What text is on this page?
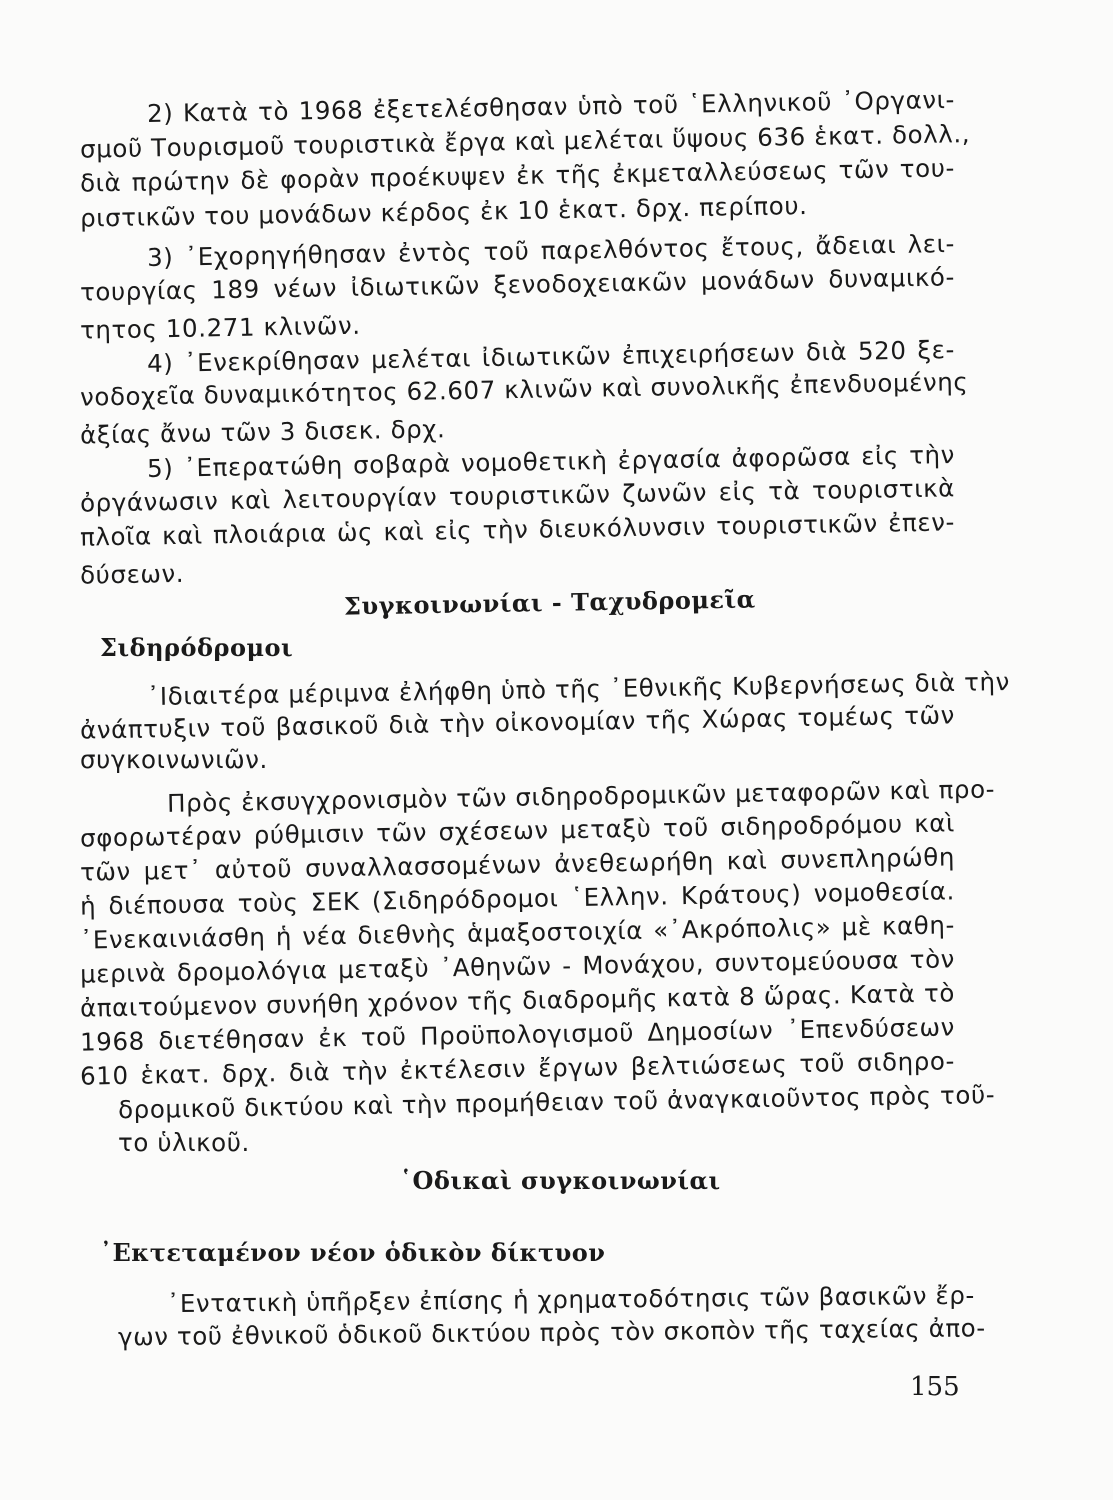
2) Κατὰ τὸ 1968 ἐξετελέσθησαν ὑπὸ τοῦ ῾Ελληνικοῦ ᾿Οργανι-
σμοῦ Τουρισμοῦ τουριστικὰ ἔργα καὶ μελέται ὕψους 636 ἑκατ. δολλ.,
διὰ πρώτην δὲ φορὰν προέκυψεν ἐκ τῆς ἐκμεταλλεύσεως τῶν του-
ριστικῶν του μονάδων κέρδος ἐκ 10 ἑκατ. δρχ. περίπου.
3) ᾿Εχορηγήθησαν ἐντὸς τοῦ παρελθόντος ἔτους, ἄδειαι λει-
τουργίας 189 νέων ἰδιωτικῶν ξενοδοχειακῶν μονάδων δυναμικό-
τητος 10.271 κλινῶν.
4) ᾿Ενεκρίθησαν μελέται ἰδιωτικῶν ἐπιχειρήσεων διὰ 520 ξε-
νοδοχεῖα δυναμικότητος 62.607 κλινῶν καὶ συνολικῆς ἐπενδυομένης
ἀξίας ἄνω τῶν 3 δισεκ. δρχ.
5) ᾿Επερατώθη σοβαρὰ νομοθετικὴ ἐργασία ἀφορῶσα εἰς τὴν
ὀργάνωσιν καὶ λειτουργίαν τουριστικῶν ζωνῶν εἰς τὰ τουριστικὰ
πλοῖα καὶ πλοιάρια ὡς καὶ εἰς τὴν διευκόλυνσιν τουριστικῶν ἐπεν-
δύσεων.
Συγκοινωνίαι - Ταχυδρομεῖα
Σιδηρόδρομοι
᾿Ιδιαιτέρα μέριμνα ἐλήφθη ὑπὸ τῆς ᾿Εθνικῆς Κυβερνήσεως διὰ τὴν
ἀνάπτυξιν τοῦ βασικοῦ διὰ τὴν οἰκονομίαν τῆς Χώρας τομέως τῶν
συγκοινωνιῶν.
Πρὸς ἐκσυγχρονισμὸν τῶν σιδηροδρομικῶν μεταφορῶν καὶ προ-
σφορωτέραν ρύθμισιν τῶν σχέσεων μεταξὺ τοῦ σιδηροδρόμου καὶ
τῶν μετ᾿ αὐτοῦ συναλλασσομένων ἀνεθεωρήθη καὶ συνεπληρώθη
ἡ διέπουσα τοὺς ΣΕΚ (Σιδηρόδρομοι ῾Ελλην. Κράτους) νομοθεσία.
᾿Ενεκαινιάσθη ἡ νέα διεθνὴς ἁμαξοστοιχία «᾿Ακρόπολις» μὲ καθη-
μερινὰ δρομολόγια μεταξὺ ᾿Αθηνῶν - Μονάχου, συντομεύουσα τὸν
ἀπαιτούμενον συνήθη χρόνον τῆς διαδρομῆς κατὰ 8 ὥρας. Κατὰ τὸ
1968 διετέθησαν ἐκ τοῦ Προϋπολογισμοῦ Δημοσίων ᾿Επενδύσεων
610 ἑκατ. δρχ. διὰ τὴν ἐκτέλεσιν ἔργων βελτιώσεως τοῦ σιδηρο-
δρομικοῦ δικτύου καὶ τὴν προμήθειαν τοῦ ἀναγκαιοῦντος πρὸς τοῦ-
το ὑλικοῦ.
῾Οδικαὶ συγκοινωνίαι
᾿Εκτεταμένον νέον ὁδικὸν δίκτυον
᾿Εντατικὴ ὑπῆρξεν ἐπίσης ἡ χρηματοδότησις τῶν βασικῶν ἔρ-
γων τοῦ ἐθνικοῦ ὁδικοῦ δικτύου πρὸς τὸν σκοπὸν τῆς ταχείας ἀπο-
155
